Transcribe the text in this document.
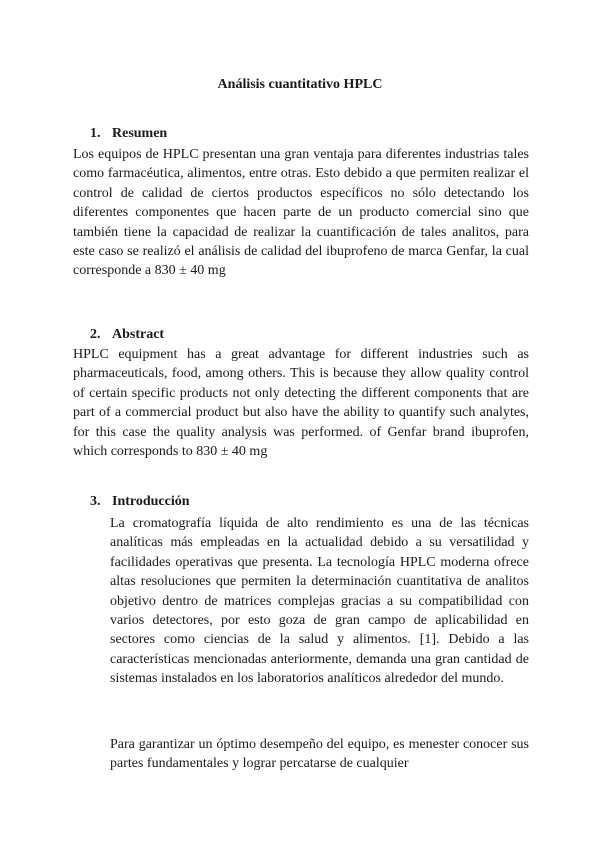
Análisis cuantitativo HPLC
1. Resumen
Los equipos de HPLC presentan una gran ventaja para diferentes industrias tales como farmacéutica, alimentos, entre otras. Esto debido a que permiten realizar el control de calidad de ciertos productos específicos no sólo detectando los diferentes componentes que hacen parte de un producto comercial sino que también tiene la capacidad de realizar la cuantificación de tales analitos, para este caso se realizó el análisis de calidad del ibuprofeno de marca Genfar, la cual corresponde a 830 ± 40 mg
2. Abstract
HPLC equipment has a great advantage for different industries such as pharmaceuticals, food, among others. This is because they allow quality control of certain specific products not only detecting the different components that are part of a commercial product but also have the ability to quantify such analytes, for this case the quality analysis was performed. of Genfar brand ibuprofen, which corresponds to 830 ± 40 mg
3. Introducción
La cromatografía líquida de alto rendimiento es una de las técnicas analíticas más empleadas en la actualidad debido a su versatilidad y facilidades operativas que presenta. La tecnología HPLC moderna ofrece altas resoluciones que permiten la determinación cuantitativa de analitos objetivo dentro de matrices complejas gracias a su compatibilidad con varios detectores, por esto goza de gran campo de aplicabilidad en sectores como ciencias de la salud y alimentos. [1]. Debido a las características mencionadas anteriormente, demanda una gran cantidad de sistemas instalados en los laboratorios analíticos alrededor del mundo.
Para garantizar un óptimo desempeño del equipo, es menester conocer sus partes fundamentales y lograr percatarse de cualquier
